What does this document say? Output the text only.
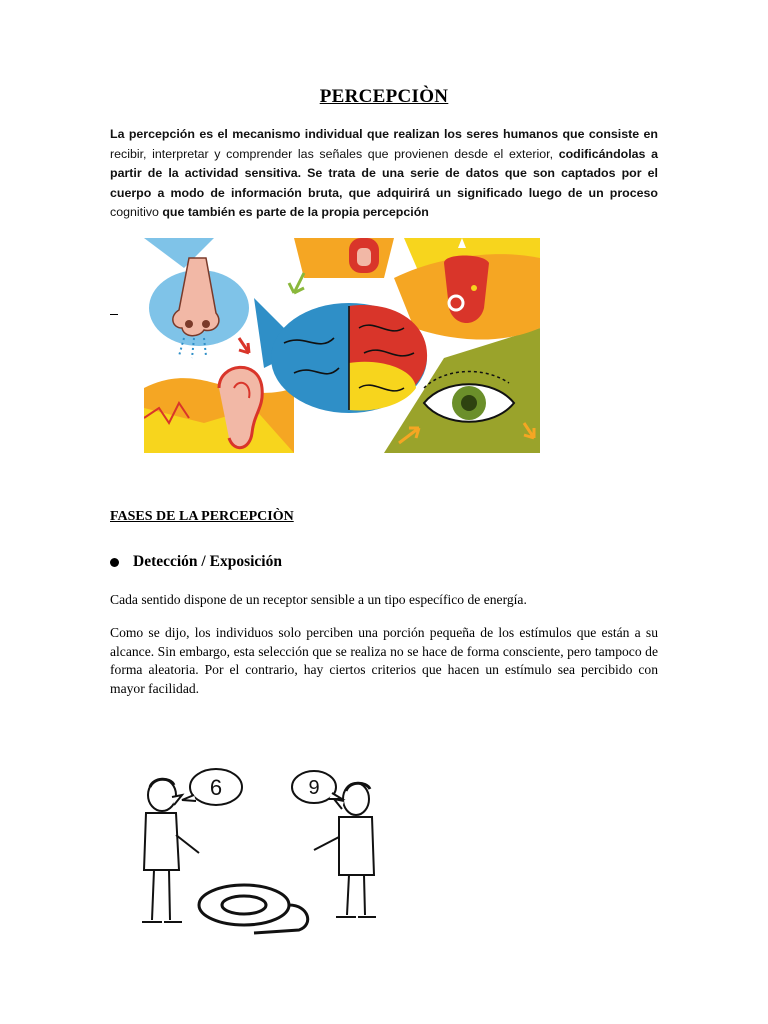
PERCEPCIÒN

La percepción es el mecanismo individual que realizan los seres humanos que consiste en recibir, interpretar y comprender las señales que provienen desde el exterior, codificándolas a partir de la actividad sensitiva. Se trata de una serie de datos que son captados por el cuerpo a modo de información bruta, que adquirirá un significado luego de un proceso cognitivo que también es parte de la propia percepción

FASES DE LA PERCEPCIÒN
Detección / Exposición

Cada sentido dispone de un receptor sensible a un tipo específico de energía.

Como se dijo, los individuos solo perciben una porción pequeña de los estímulos que están a su alcance. Sin embargo, esta selección que se realiza no se hace de forma consciente, pero tampoco de forma aleatoria. Por el contrario, hay ciertos criterios que hacen un estímulo sea percibido con mayor facilidad.

6	9
